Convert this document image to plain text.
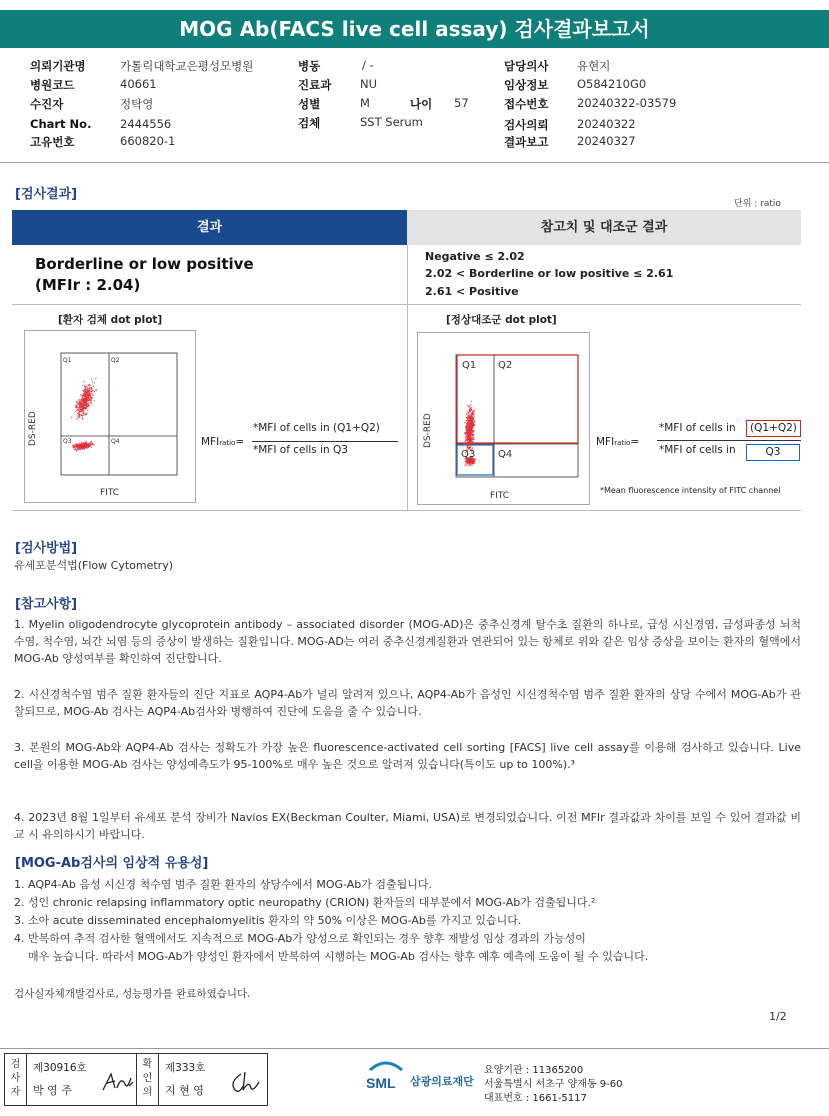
MOG Ab(FACS live cell assay) 검사결과보고서
의뢰기관명	가톨릭대학교은평성모병원
병원코드	40661
수진자	정탁영
Chart No. 2444556
고유번호	660820-1
병동	/ -
진료과 NU
성별	M	나이 57
검체	SST Serum
담당의사 유현지
임상정보 O584210G0
접수번호 20240322-03579
검사의뢰 20240322
결과보고 20240327
[검사결과]
단위 : ratio
결과	참고치 및 대조군 결과
Borderline or low positive
(MFIr : 2.04)
Negative ≤ 2.02
2.02 < Borderline or low positive ≤ 2.61
2.61 < Positive
[환자 검체 dot plot]	[정상대조군 dot plot]
Q1	Q2
Q3	Q4
DS-RED
FITC
MFIratio=
*MFI of cells in (Q1+Q2)
*MFI of cells in Q3
Q1 Q2
Q3 Q4
DS-RED
FITC
MFIratio=
*MFI of cells in	(Q1+Q2)
*MFI of cells in	Q3
*Mean fluorescence intensity of FITC channel
[검사방법]
유세포분석법(Flow Cytometry)
[참고사항]
1. Myelin oligodendrocyte glycoprotein antibody – associated disorder (MOG-AD)은 중추신경계 탈수초 질환의 하나로, 급성 시신경염, 급성파종성 뇌척수염, 척수염, 뇌간 뇌염 등의 증상이 발생하는 질환입니다. MOG-AD는 여러 중추신경계질환과 연관되어 있는 항체로 위와 같은 임상 증상을 보이는 환자의 혈액에서 MOG-Ab 양성여부를 확인하여 진단합니다.
2. 시신경척수염 범주 질환 환자들의 진단 지표로 AQP4-Ab가 널리 알려져 있으나, AQP4-Ab가 음성인 시신경척수염 범주 질환 환자의 상당 수에서 MOG-Ab가 관찰되므로, MOG-Ab 검사는 AQP4-Ab검사와 병행하여 진단에 도움을 줄 수 있습니다.
3. 본원의 MOG-Ab와 AQP4-Ab 검사는 정확도가 가장 높은 fluorescence-activated cell sorting [FACS] live cell assay를 이용해 검사하고 있습니다. Live cell을 이용한 MOG-Ab 검사는 양성예측도가 95-100%로 매우 높은 것으로 알려져 있습니다(특이도 up to 100%).³
4. 2023년 8월 1일부터 유세포 분석 장비가 Navios EX(Beckman Coulter, Miami, USA)로 변경되었습니다. 이전 MFIr 결과값과 차이를 보일 수 있어 결과값 비교 시 유의하시기 바랍니다.
[MOG-Ab검사의 임상적 유용성]
1. AQP4-Ab 음성 시신경 척수염 범주 질환 환자의 상당수에서 MOG-Ab가 검출됩니다.
2. 성인 chronic relapsing inflammatory optic neuropathy (CRION) 환자들의 대부분에서 MOG-Ab가 검출됩니다.²
3. 소아 acute disseminated encephalomyelitis 환자의 약 50% 이상은 MOG-Ab를 가지고 있습니다.
4. 반복하여 추적 검사한 혈액에서도 지속적으로 MOG-Ab가 양성으로 확인되는 경우 향후 재발성 임상 경과의 가능성이
매우 높습니다. 따라서 MOG-Ab가 양성인 환자에서 반복하여 시행하는 MOG-Ab 검사는 향후 예후 예측에 도움이 될 수 있습니다.
검사실자체개발검사로, 성능평가를 완료하였습니다.
1/2
검사자
제30916호
박 영 주
확인의
제333호
지 현 영	SML 삼광의료재단
요양기관 : 11365200
서울특별시 서초구 양재동 9-60
대표번호 : 1661-5117
